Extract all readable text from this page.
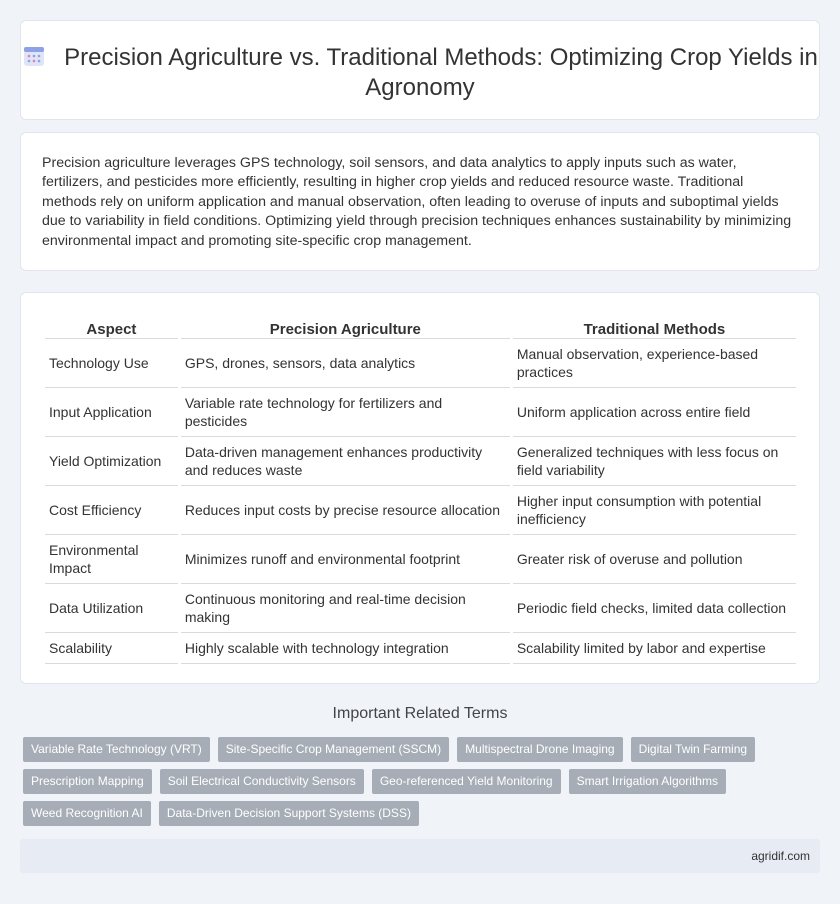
Precision Agriculture vs. Traditional Methods: Optimizing Crop Yields in Agronomy

Precision agriculture leverages GPS technology, soil sensors, and data analytics to apply inputs such as water, fertilizers, and pesticides more efficiently, resulting in higher crop yields and reduced resource waste. Traditional methods rely on uniform application and manual observation, often leading to overuse of inputs and suboptimal yields due to variability in field conditions. Optimizing yield through precision techniques enhances sustainability by minimizing environmental impact and promoting site-specific crop management.

Aspect	Precision Agriculture	Traditional Methods
Technology Use	GPS, drones, sensors, data analytics	Manual observation, experience-based practices
Input Application	Variable rate technology for fertilizers and pesticides	Uniform application across entire field
Yield Optimization	Data-driven management enhances productivity and reduces waste	Generalized techniques with less focus on field variability
Cost Efficiency	Reduces input costs by precise resource allocation	Higher input consumption with potential inefficiency
Environmental Impact	Minimizes runoff and environmental footprint	Greater risk of overuse and pollution
Data Utilization	Continuous monitoring and real-time decision making	Periodic field checks, limited data collection
Scalability	Highly scalable with technology integration	Scalability limited by labor and expertise
Important Related Terms
Variable Rate Technology (VRT)	Site-Specific Crop Management (SSCM)	Multispectral Drone Imaging	Digital Twin Farming
Prescription Mapping	Soil Electrical Conductivity Sensors	Geo-referenced Yield Monitoring	Smart Irrigation Algorithms
Weed Recognition AI	Data-Driven Decision Support Systems (DSS)
agridif.com
